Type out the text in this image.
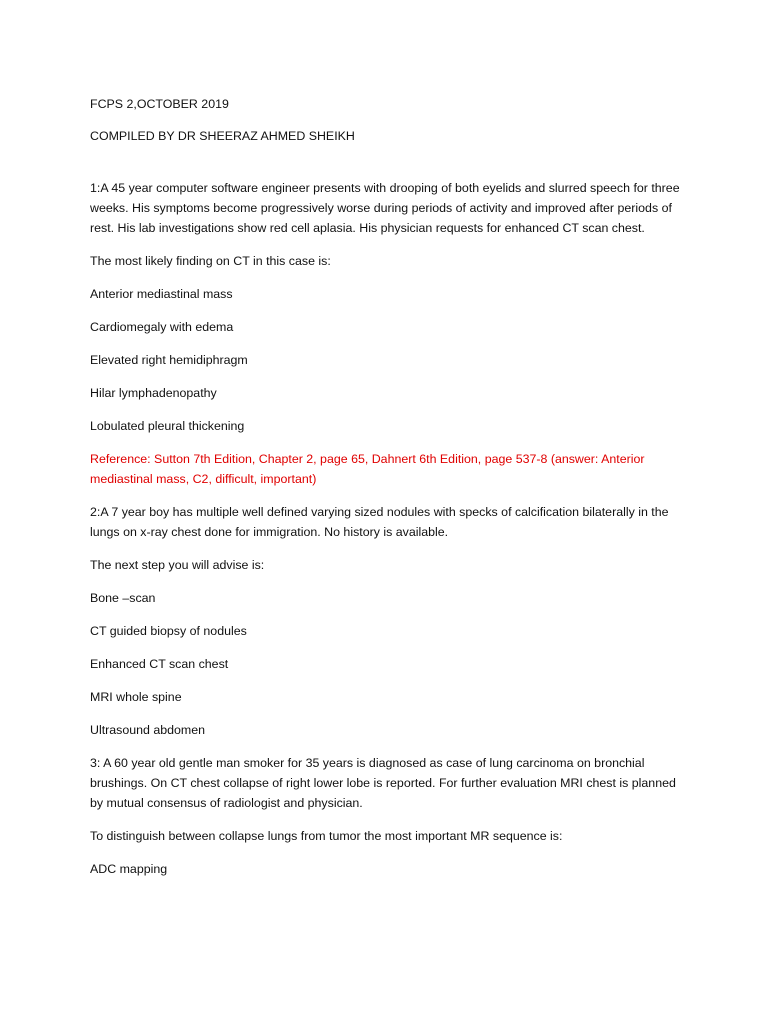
FCPS 2,OCTOBER 2019

COMPILED BY DR SHEERAZ AHMED SHEIKH

1:A 45 year computer software engineer presents with drooping of both eyelids and slurred speech for three weeks. His symptoms become progressively worse during periods of activity and improved after periods of rest. His lab investigations show red cell aplasia. His physician requests for enhanced CT scan chest.

The most likely finding on CT in this case is:

Anterior mediastinal mass

Cardiomegaly with edema

Elevated right hemidiphragm

Hilar lymphadenopathy

Lobulated pleural thickening

Reference: Sutton 7th Edition, Chapter 2, page 65, Dahnert 6th Edition, page 537-8 (answer: Anterior mediastinal mass, C2, difficult, important)

2:A 7 year boy has multiple well defined varying sized nodules with specks of calcification bilaterally in the lungs on x-ray chest done for immigration. No history is available.

The next step you will advise is:

Bone –scan

CT guided biopsy of nodules

Enhanced CT scan chest

MRI whole spine

Ultrasound abdomen

3: A 60 year old gentle man smoker for 35 years is diagnosed as case of lung carcinoma on bronchial brushings. On CT chest collapse of right lower lobe is reported. For further evaluation MRI chest is planned by mutual consensus of radiologist and physician.

To distinguish between collapse lungs from tumor the most important MR sequence is:

ADC mapping
